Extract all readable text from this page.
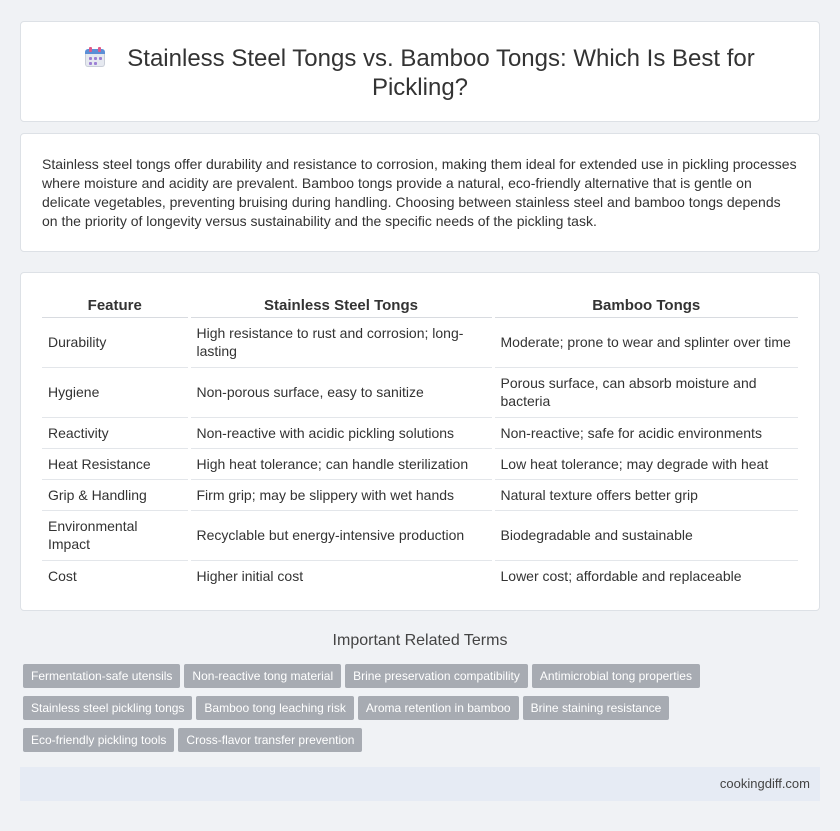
Stainless Steel Tongs vs. Bamboo Tongs: Which Is Best for Pickling?

Stainless steel tongs offer durability and resistance to corrosion, making them ideal for extended use in pickling processes where moisture and acidity are prevalent. Bamboo tongs provide a natural, eco-friendly alternative that is gentle on delicate vegetables, preventing bruising during handling. Choosing between stainless steel and bamboo tongs depends on the priority of longevity versus sustainability and the specific needs of the pickling task.

Feature	Stainless Steel Tongs	Bamboo Tongs
Durability	High resistance to rust and corrosion; long-lasting	Moderate; prone to wear and splinter over time
Hygiene	Non-porous surface, easy to sanitize	Porous surface, can absorb moisture and bacteria
Reactivity	Non-reactive with acidic pickling solutions	Non-reactive; safe for acidic environments
Heat Resistance	High heat tolerance; can handle sterilization	Low heat tolerance; may degrade with heat
Grip & Handling	Firm grip; may be slippery with wet hands	Natural texture offers better grip
Environmental Impact	Recyclable but energy-intensive production	Biodegradable and sustainable
Cost	Higher initial cost	Lower cost; affordable and replaceable
Important Related Terms
Fermentation-safe utensils Non-reactive tong material Brine preservation compatibility Antimicrobial tong properties
Stainless steel pickling tongs Bamboo tong leaching risk Aroma retention in bamboo Brine staining resistance
Eco-friendly pickling tools Cross-flavor transfer prevention
cookingdiff.com
